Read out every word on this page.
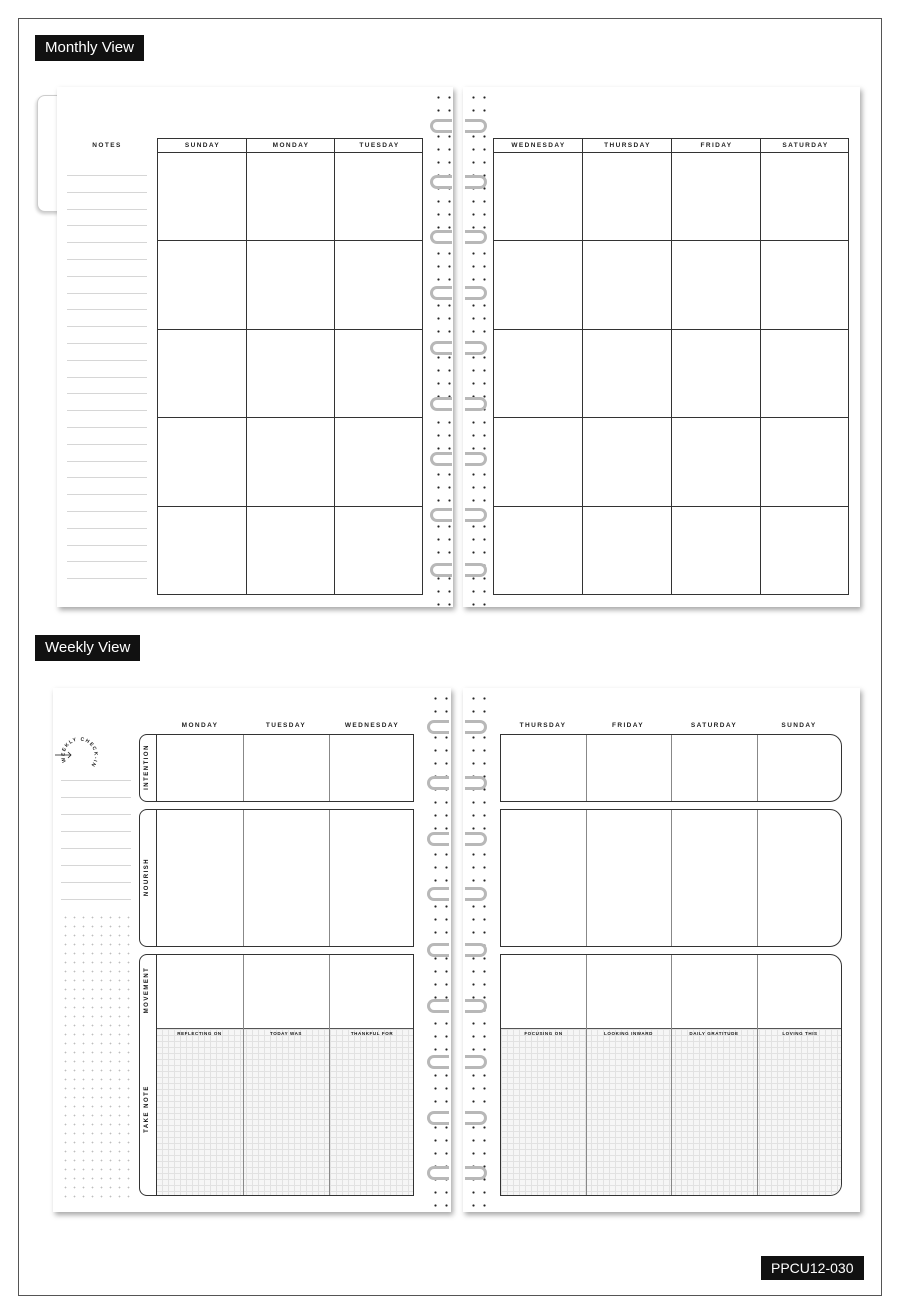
Monthly View
NOTES	SUNDAY	MONDAY	TUESDAY	WEDNESDAY	THURSDAY	FRIDAY	SATURDAY
Weekly View
WEEKLY CHECK-IN
MONDAY	TUESDAY	WEDNESDAY
INTENTION
NOURISH
REFLECTING ON	TODAY WAS	THANKFUL FOR
MOVEMENT
TAKE NOTE
THURSDAY	FRIDAY	SATURDAY	SUNDAY
FOCUSING ON	LOOKING INWARD	DAILY GRATITUDE	LOVING THIS
PPCU12-030
